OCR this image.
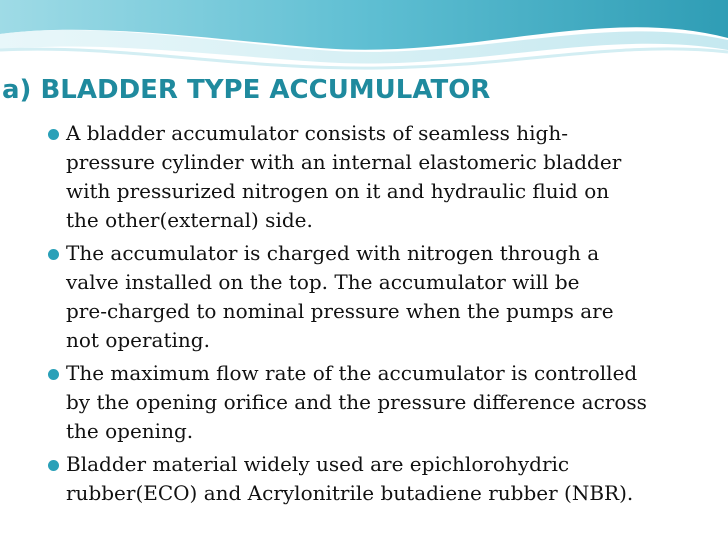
a) BLADDER TYPE ACCUMULATOR
A bladder accumulator consists of seamless high-
pressure cylinder with an internal elastomeric bladder
with pressurized nitrogen on it and hydraulic fluid on
the other(external) side.
The accumulator is charged with nitrogen through a
valve installed on the top. The accumulator will be
pre-charged to nominal pressure when the pumps are
not operating.
The maximum flow rate of the accumulator is controlled
by the opening orifice and the pressure difference across
the opening.
Bladder material widely used are epichlorohydric
rubber(ECO) and Acrylonitrile butadiene rubber (NBR).
